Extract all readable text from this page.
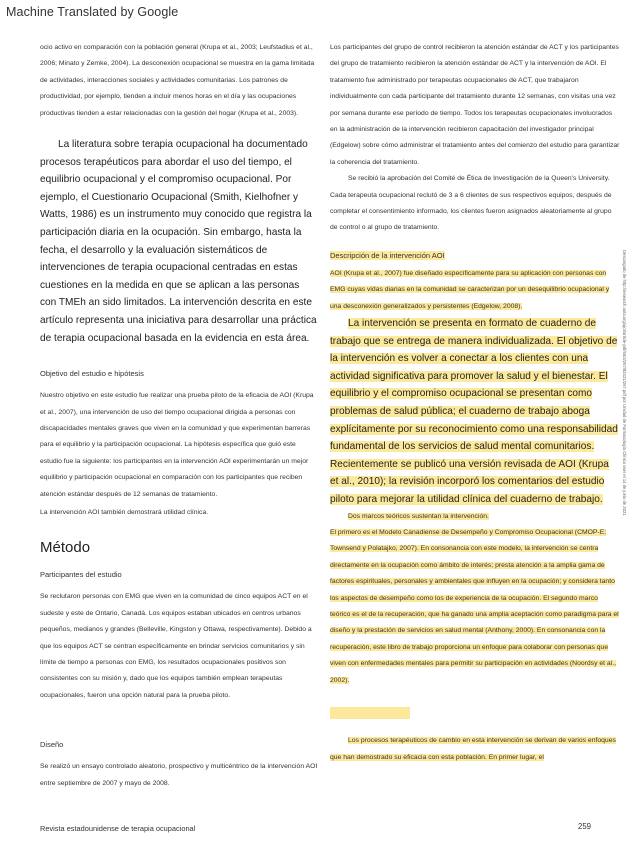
Machine Translated by Google

ocio activo en comparación con la población general (Krupa et al., 2003; Leufstadius et al., 2006; Minato y Zemke, 2004). La desconexión ocupacional se muestra en la gama limitada de actividades, interacciones sociales y actividades comunitarias. Los patrones de productividad, por ejemplo, tienden a incluir menos horas en el día y las ocupaciones productivas tienden a estar relacionadas con la gestión del hogar (Krupa et al., 2003).

La literatura sobre terapia ocupacional ha documentado procesos terapéuticos para abordar el uso del tiempo, el equilibrio ocupacional y el compromiso ocupacional. Por ejemplo, el Cuestionario Ocupacional (Smith, Kielhofner y Watts, 1986) es un instrumento muy conocido que registra la participación diaria en la ocupación. Sin embargo, hasta la fecha, el desarrollo y la evaluación sistemáticos de intervenciones de terapia ocupacional centradas en estas cuestiones en la medida en que se aplican a las personas con TMEh an sido limitados. La intervención descrita en este artículo representa una iniciativa para desarrollar una práctica de terapia ocupacional basada en la evidencia en esta área.

Objetivo del estudio e hipótesis

Nuestro objetivo en este estudio fue realizar una prueba piloto de la eficacia de AOI (Krupa et al., 2007), una intervención de uso del tiempo ocupacional dirigida a personas con discapacidades mentales graves que viven en la comunidad y que experimentan barreras para el equilibrio y la participación ocupacional. La hipótesis específica que guió este estudio fue la siguiente: los participantes en la intervención AOI experimentarán un mejor equilibrio y participación ocupacional en comparación con los participantes que reciben atención estándar después de 12 semanas de tratamiento.

La intervención AOI también demostrará utilidad clínica.

Método

Participantes del estudio

Se reclutaron personas con EMG que viven en la comunidad de cinco equipos ACT en el sudeste y este de Ontario, Canadá. Los equipos estaban ubicados en centros urbanos pequeños, medianos y grandes (Belleville, Kingston y Ottawa, respectivamente). Debido a que los equipos ACT se centran específicamente en brindar servicios comunitarios y sin límite de tiempo a personas con EMG, los resultados ocupacionales positivos son consistentes con su misión y, dado que los equipos también emplean terapeutas ocupacionales, fueron una opción natural para la prueba piloto.

Diseño

Se realizó un ensayo controlado aleatorio, prospectivo y multicéntrico de la intervención AOI entre septiembre de 2007 y mayo de 2008.

Los participantes del grupo de control recibieron la atención estándar de ACT y los participantes del grupo de tratamiento recibieron la atención estándar de ACT y la intervención de AOI. El tratamiento fue administrado por terapeutas ocupacionales de ACT, que trabajaron individualmente con cada participante del tratamiento durante 12 semanas, con visitas una vez por semana durante ese período de tiempo. Todos los terapeutas ocupacionales involucrados en la administración de la intervención recibieron capacitación del investigador principal (Edgelow) sobre cómo administrar el tratamiento antes del comienzo del estudio para garantizar la coherencia del tratamiento.

Se recibió la aprobación del Comité de Ética de Investigación de la Queen's University. Cada terapeuta ocupacional reclutó de 3 a 6 clientes de sus respectivos equipos, después de completar el consentimiento informado, los clientes fueron asignados aleatoriamente al grupo de control o al grupo de tratamiento.

Descripción de la intervención AOI

AOI (Krupa et al., 2007) fue diseñado específicamente para su aplicación con personas con EMG cuyas vidas diarias en la comunidad se caracterizan por un desequilibrio ocupacional y una desconexión generalizados y persistentes (Edgelow, 2008).

La intervención se presenta en formato de cuaderno de trabajo que se entrega de manera individualizada. El objetivo de la intervención es volver a conectar a los clientes con una actividad significativa para promover la salud y el bienestar. El equilibrio y el compromiso ocupacional se presentan como problemas de salud pública; el cuaderno de trabajo aboga explícitamente por su reconocimiento como una responsabilidad fundamental de los servicios de salud mental comunitarios. Recientemente se publicó una versión revisada de AOI (Krupa et al., 2010); la revisión incorporó los comentarios del estudio piloto para mejorar la utilidad clínica del cuaderno de trabajo.

Dos marcos teóricos sustentan la intervención.

El primero es el Modelo Canadiense de Desempeño y Compromiso Ocupacional (CMOP-E; Townsend y Polatajko, 2007). En consonancia con este modelo, la intervención se centra directamente en la ocupación como ámbito de interés; presta atención a la amplia gama de factores espirituales, personales y ambientales que influyen en la ocupación; y considera tanto los aspectos de desempeño como los de experiencia de la ocupación. El segundo marco teórico es el de la recuperación, que ha ganado una amplia aceptación como paradigma para el diseño y la prestación de servicios en salud mental (Anthony, 2000). En consonancia con la recuperación, este libro de trabajo proporciona un enfoque para colaborar con personas que viven con enfermedades mentales para permitir su participación en actividades (Noordsy et al., 2002).

Los procesos terapéuticos de cambio en esta intervención se derivan de varios enfoques que han demostrado su eficacia con esta población. En primer lugar, el

Descargado de http://research.aota.org/ajot/article-pdf/65/3/267/82421/267.pdf por Unidad de Farmacología Clínica user el 14 de junio de 2021
Revista estadounidense de terapia ocupacional	259
